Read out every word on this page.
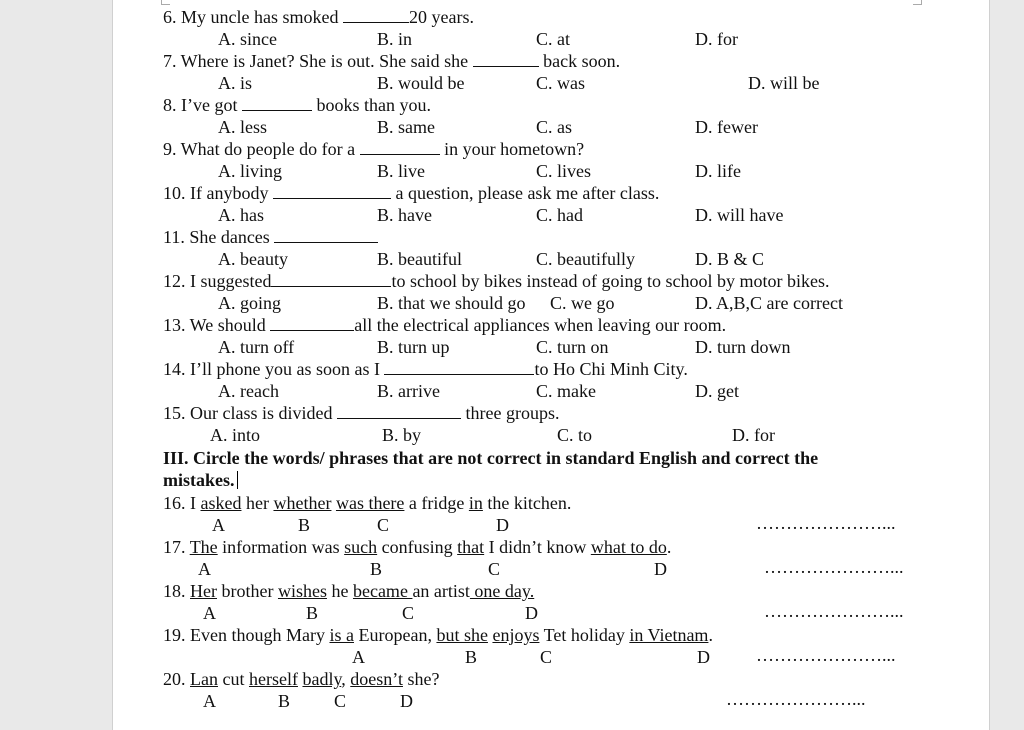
6. My uncle has smoked	20 years.
A. since	B. in	C. at	D. for
7. Where is Janet? She is out. She said she	back soon.
A. is	B. would be	C. was	D. will be
8. I’ve got	books than you.
A. less	B. same	C. as	D. fewer
9. What do people do for a	in your hometown?
A. living	B. live	C. lives	D. life
10. If anybody	a question, please ask me after class.
A. has	B. have	C. had	D. will have
11. She dances
A. beauty	B. beautiful	C. beautifully	D. B & C
12. I suggested	to school by bikes instead of going to school by motor bikes.
A. going	B. that we should go C. we go	D. A,B,C are correct
13. We should	all the electrical appliances when leaving our room.
A. turn off	B. turn up	C. turn on	D. turn down
14. I’ll phone you as soon as I	to Ho Chi Minh City.
A. reach	B. arrive	C. make	D. get
15. Our class is divided	three groups.
A. into	B. by	C. to	D. for
III. Circle the words/ phrases that are not correct in standard English and correct the
mistakes.
16. I asked her whether was there a fridge in the kitchen.
A	B	C	D	…………………...
17. The information was such confusing that I didn’t know what to do.
A	B	C	D	…………………...
18. Her brother wishes he became an artist one day.
A	B	C	D	…………………...
19. Even though Mary is a European, but she enjoys Tet holiday in Vietnam.
A	B	C	D	…………………...
20. Lan cut herself badly, doesn’t she?
A	B C	D	…………………...
